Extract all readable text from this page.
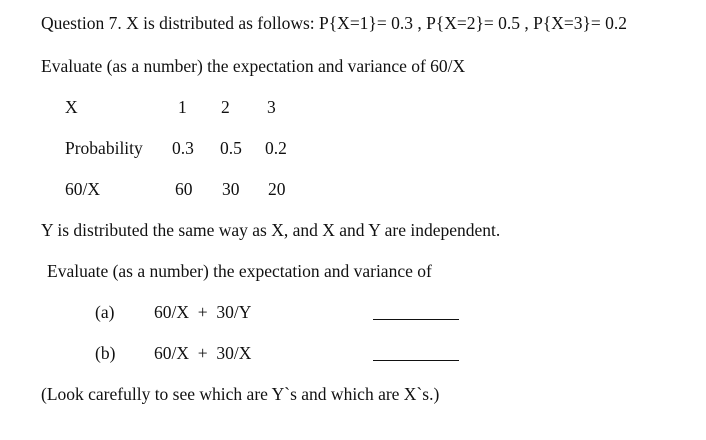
Question 7. X is distributed as follows: P{X=1}= 0.3 , P{X=2}= 0.5 , P{X=3}= 0.2
Evaluate (as a number) the expectation and variance of 60/X
X	1 2 3
Probability 0.3 0.5 0.2
60/X	60 30 20
Y is distributed the same way as X, and X and Y are independent.
Evaluate (as a number) the expectation and variance of
(a) 60/X  +  30/Y
(b) 60/X  +  30/X
(Look carefully to see which are Y`s and which are X`s.)
